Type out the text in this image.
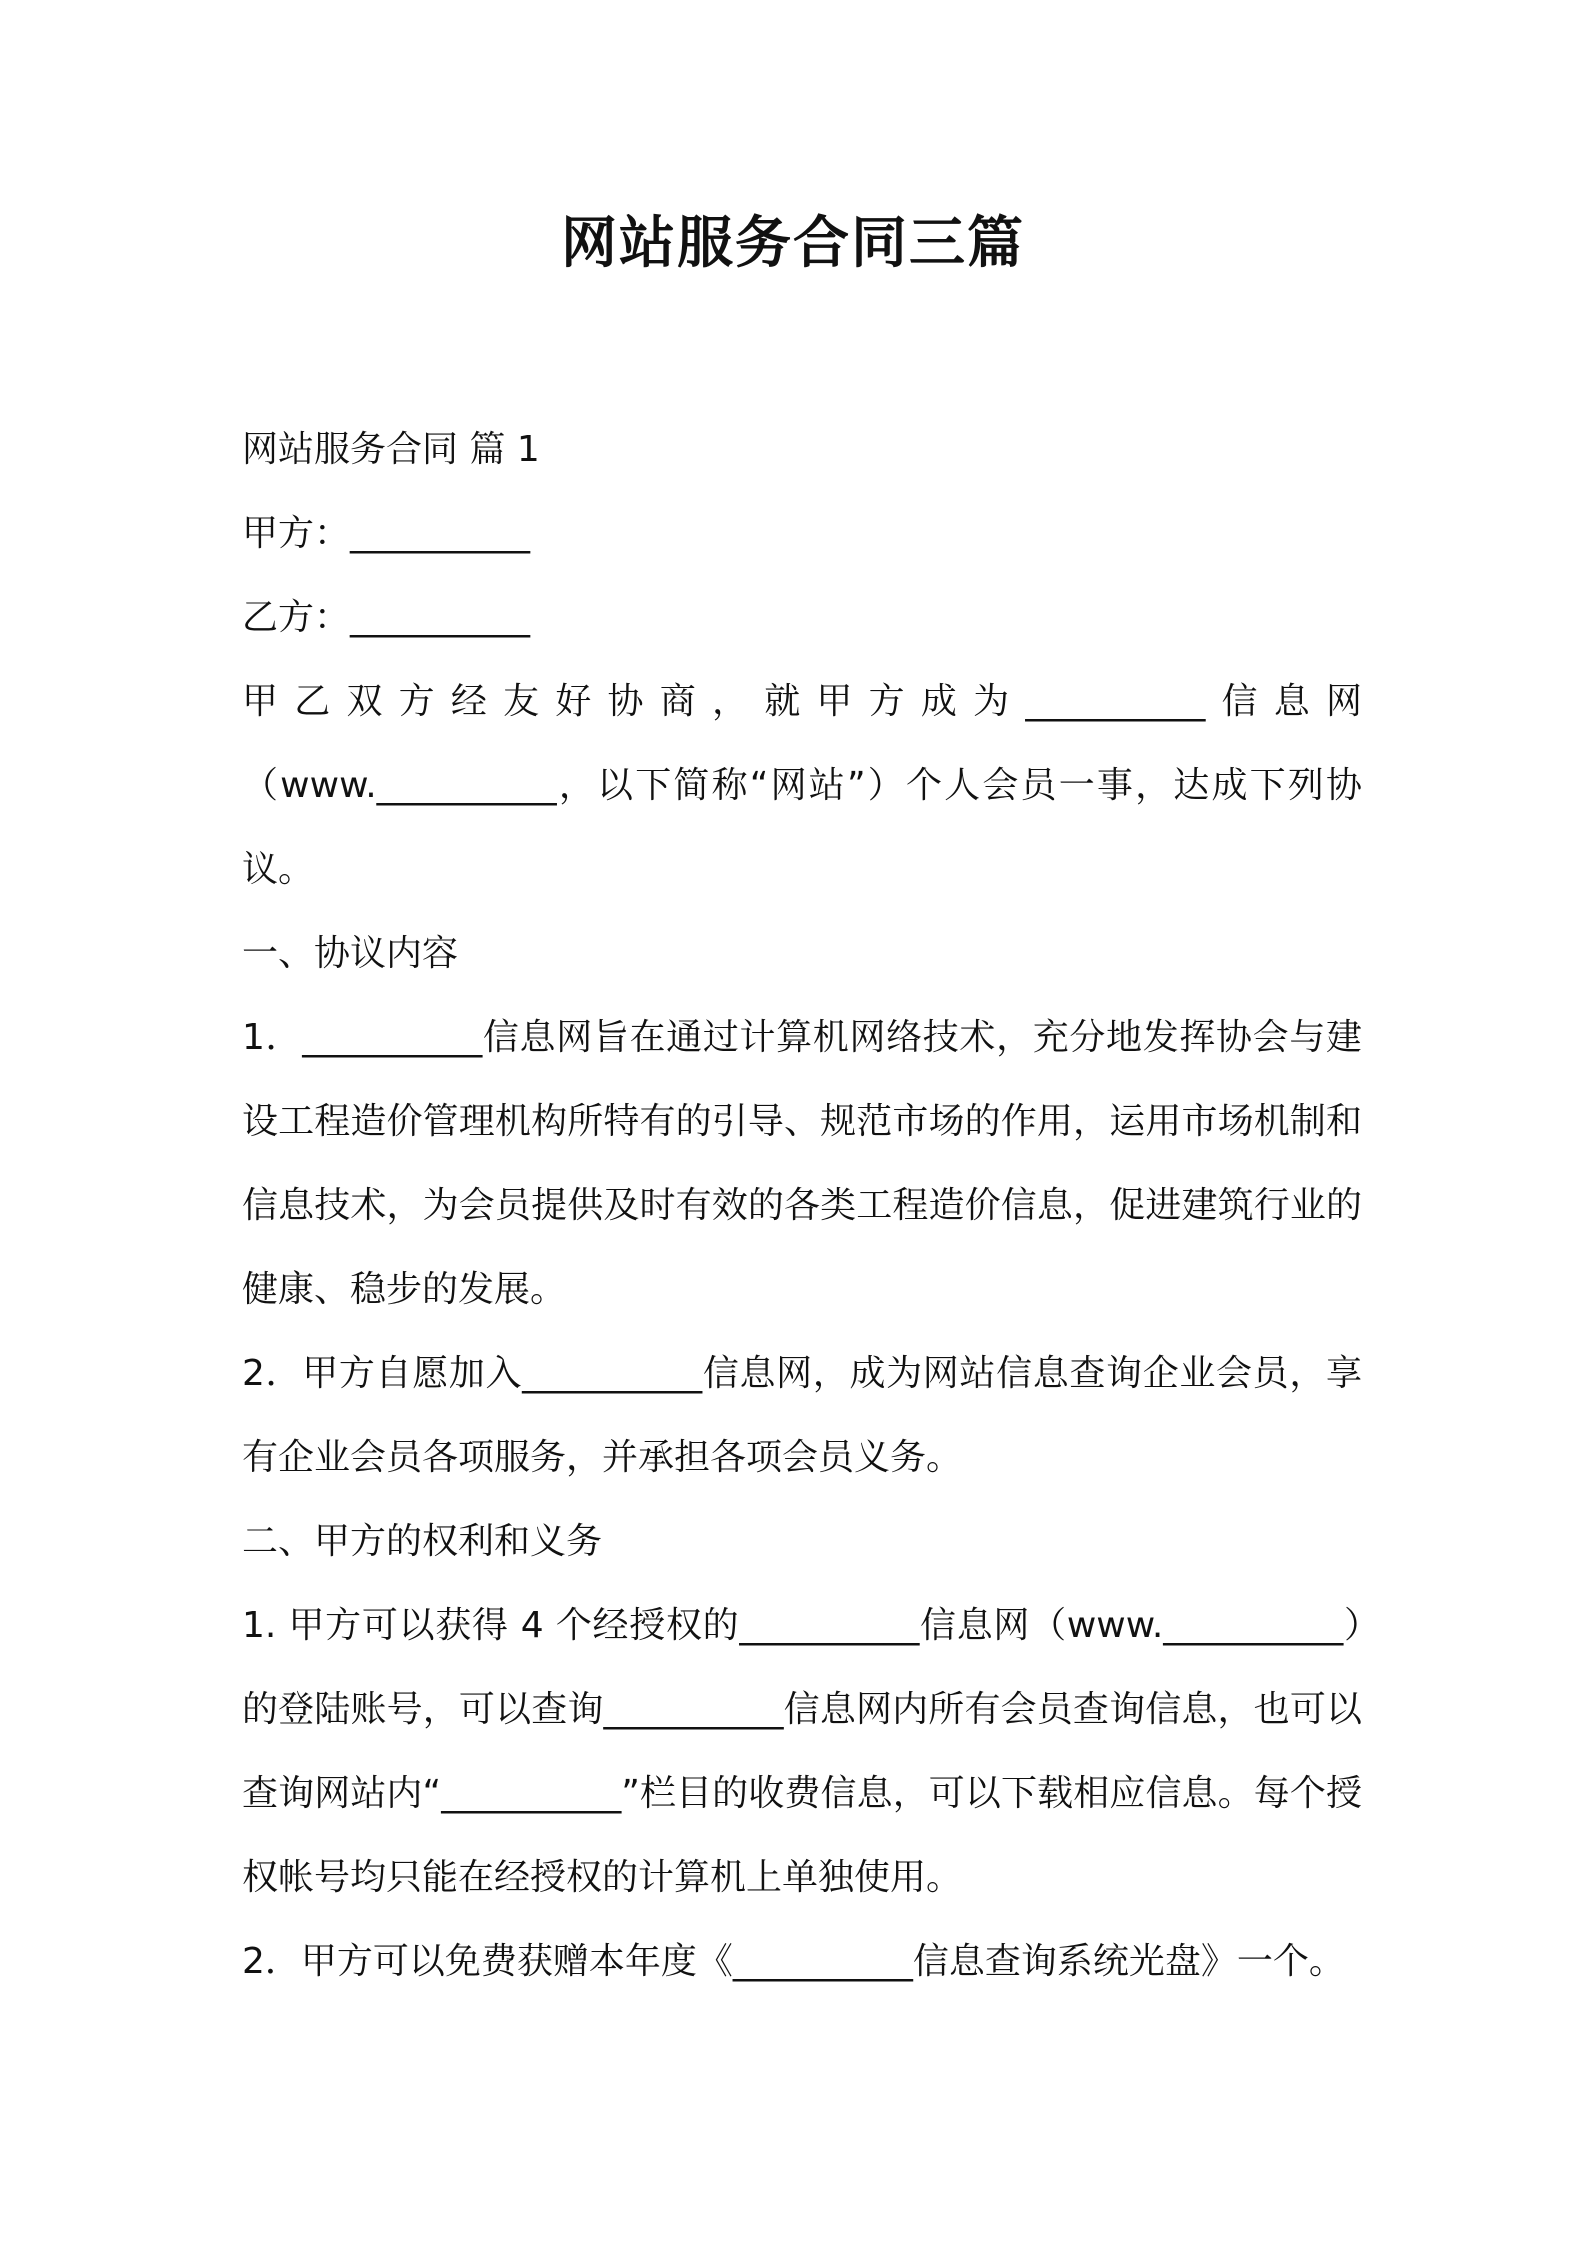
网站服务合同三篇

网站服务合同 篇 1

甲方：__________

乙方：__________

甲乙双方经友好协商，就甲方成为__________信息网（www.__________，以下简称“网站”）个人会员一事，达成下列协议。

一、协议内容

1．__________信息网旨在通过计算机网络技术，充分地发挥协会与建设工程造价管理机构所特有的引导、规范市场的作用，运用市场机制和信息技术，为会员提供及时有效的各类工程造价信息，促进建筑行业的健康、稳步的发展。

2．甲方自愿加入__________信息网，成为网站信息查询企业会员，享有企业会员各项服务，并承担各项会员义务。

二、甲方的权利和义务

1. 甲方可以获得 4 个经授权的__________信息网（www.__________）的登陆账号，可以查询__________信息网内所有会员查询信息，也可以查询网站内“__________”栏目的收费信息，可以下载相应信息。每个授权帐号均只能在经授权的计算机上单独使用。

2．甲方可以免费获赠本年度《__________信息查询系统光盘》一个。
